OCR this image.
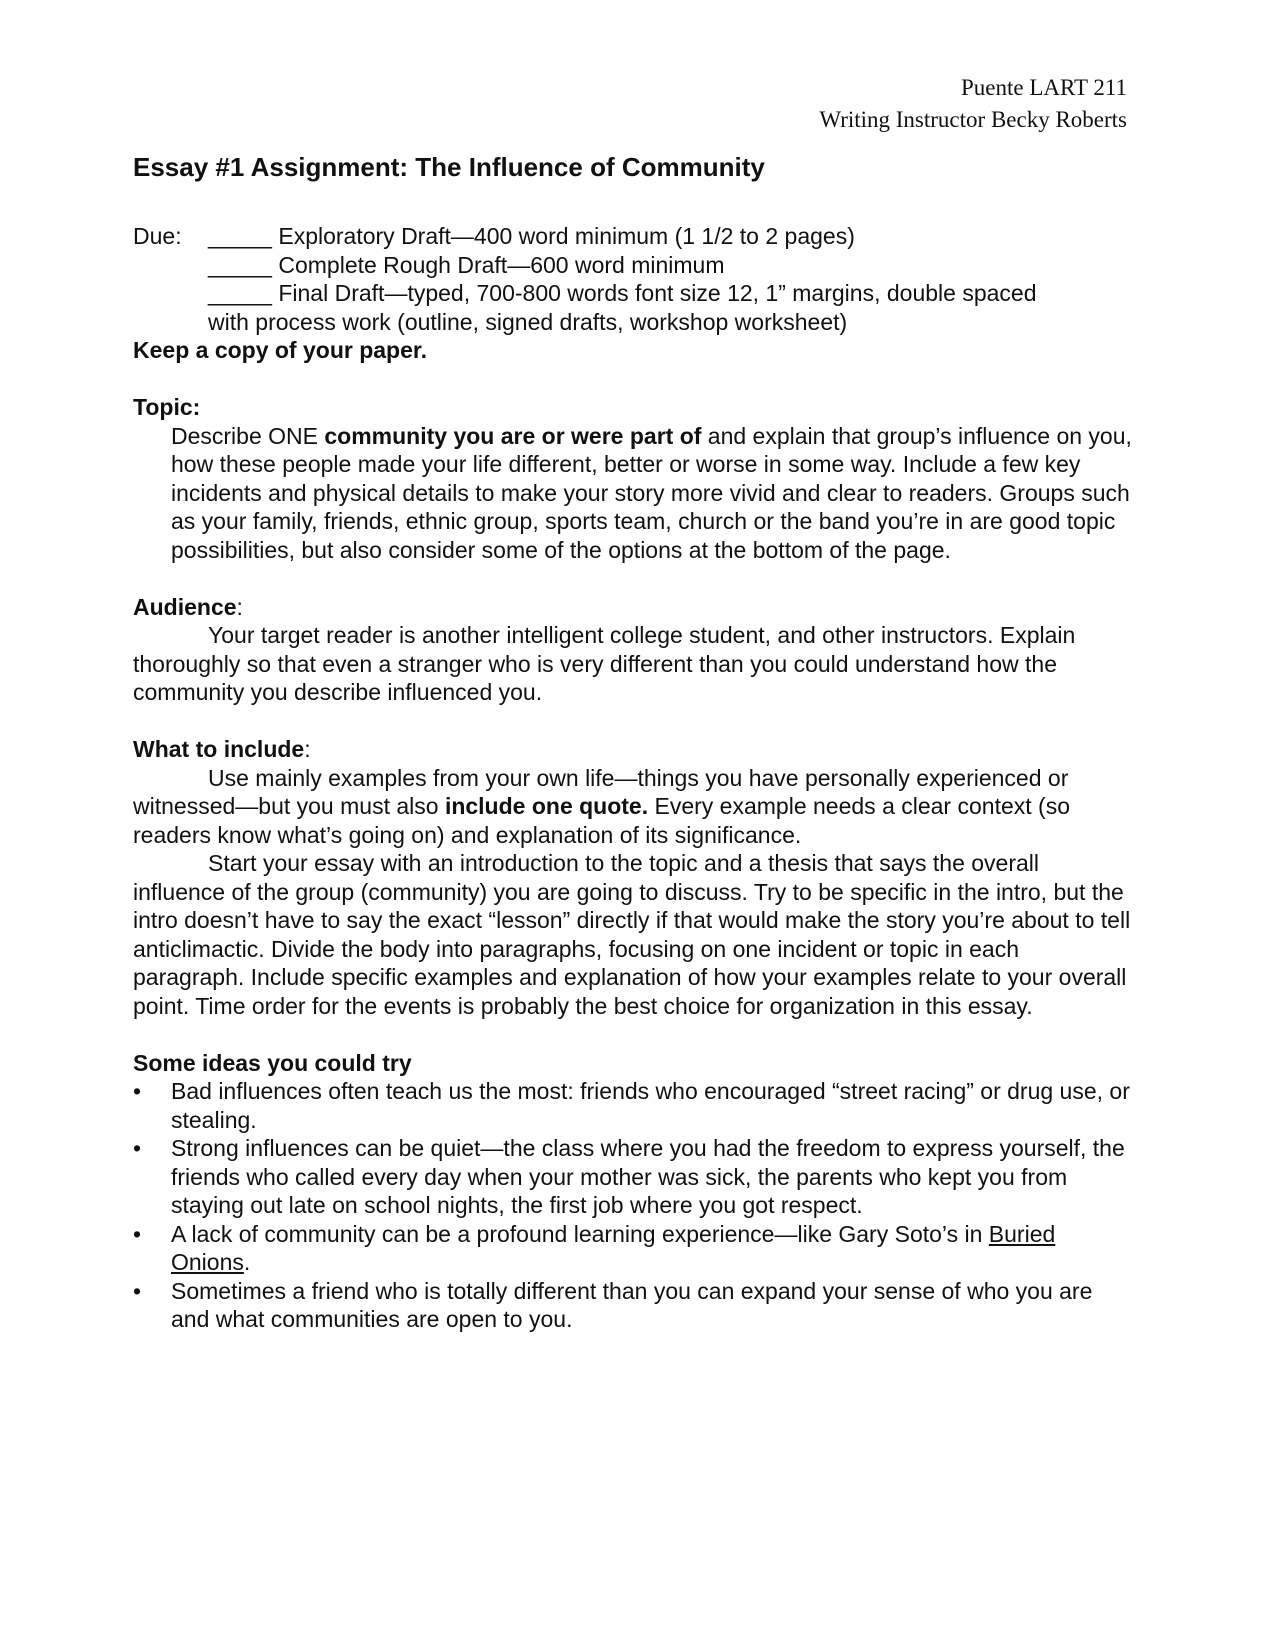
Puente LART 211
Writing Instructor Becky Roberts
Essay #1 Assignment: The Influence of Community
Due:	_____
Exploratory Draft—400 word minimum (1 1/2 to 2 pages)
_____ Complete Rough Draft—600 word minimum
_____ Final Draft—typed, 700-800 words font size 12, 1” margins, double spaced
with process work (outline, signed drafts, workshop worksheet)

Keep a copy of your paper.

Topic:

Describe ONE community you are or were part of and explain that group’s influence on you, how these people made your life different, better or worse in some way. Include a few key incidents and physical details to make your story more vivid and clear to readers. Groups such as your family, friends, ethnic group, sports team, church or the band you’re in are good topic possibilities, but also consider some of the options at the bottom of the page.

Audience:

Your target reader is another intelligent college student, and other instructors. Explain thoroughly so that even a stranger who is very different than you could understand how the community you describe influenced you.

What to include:

Use mainly examples from your own life—things you have personally experienced or witnessed—but you must also include one quote. Every example needs a clear context (so readers know what’s going on) and explanation of its significance.

Start your essay with an introduction to the topic and a thesis that says the overall influence of the group (community) you are going to discuss. Try to be specific in the intro, but the intro doesn’t have to say the exact “lesson” directly if that would make the story you’re about to tell anticlimactic. Divide the body into paragraphs, focusing on one incident or topic in each paragraph. Include specific examples and explanation of how your examples relate to your overall point. Time order for the events is probably the best choice for organization in this essay.

Some ideas you could try

• Bad influences often teach us the most: friends who encouraged “street racing” or drug use, or stealing.
• Strong influences can be quiet—the class where you had the freedom to express yourself, the friends who called every day when your mother was sick, the parents who kept you from staying out late on school nights, the first job where you got respect.
• A lack of community can be a profound learning experience—like Gary Soto’s in Buried Onions.
• Sometimes a friend who is totally different than you can expand your sense of who you are and what communities are open to you.
